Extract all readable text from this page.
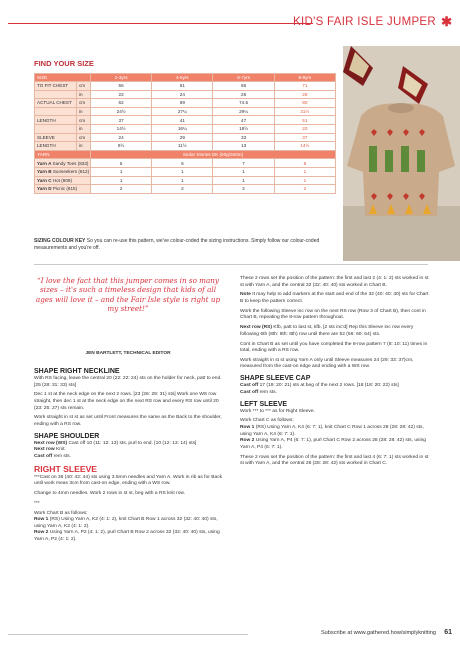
KID'S FAIR ISLE JUMPER ✱
FIND YOUR SIZE
SIZE		2-3yrs	4-5yrs	6-7yrs	8-9yrs
TO FIT CHEST	cm	56	61	66	71
	in	22	24	26	28
ACTUAL CHEST	cm	62	69	74.5	80
	in	24½	27¼	29¼	31½
LENGTH	cm	37	41	47	51
	in	14½	16¼	18½	20
SLEEVE	cm	24	29	33	37
LENGTH	in	9½	11½	13	14½
YARN		Sirdar Stories DK (50g/340m)			
Yarn A Sandy Toes (833)		5	6	7	8
Yarn B Sunseekers (812)		1	1	1	1
Yarn C Hot (809)		1	1	1	1
Yarn D Picnic (815)		2	2	2	2
SIZING COLOUR KEY So you can re-use this pattern, we've colour-coded the sizing instructions. Simply follow our colour-coded measurements and you're off.
“I love the fact that this jumper comes in so many sizes – it's such a timeless design that kids of all ages will love it – and the Fair Isle style is right up my street!”
JEN BARTLETT, TECHNICAL EDITOR
SHAPE RIGHT NECKLINE

With RS facing, leave the central 20 (22: 22: 24) sts on the holder for neck, patt to end. [25 (28: 31: 33) sts]

Dec 1 st at the neck edge on the next 2 rows. [23 (26: 29: 31) sts] Work one WS row straight, then dec 1 st at the neck edge on the next RS row and every RS row until 20 (23: 25: 27) sts remain.

Work straight in st st as set until Front measures the same as the Back to the shoulder, ending with a RS row.

SHAPE SHOULDER

Next row (WS) Cast off 10 (11: 12: 13) sts, purl to end. [10 (12: 13: 14) sts]
Next row Knit.
Cast off rem sts.

RIGHT SLEEVE

***Cast on 36 (40: 42: 44) sts using 3.5mm needles and Yarn A. Work in rib as for Back until work meas 3cm from cast-on edge, ending with a WS row.

Change to 4mm needles. Work 2 rows in st st, beg with a RS knit row.

***

Work Chart B as follows:
Row 1 (RS) Using Yarn A, K2 (4: 1: 2), knit Chart B Row 1 across 32 (32: 40: 40) sts, using Yarn A, K2 (4: 1: 2).
Row 2 Using Yarn A, P2 (4: 1: 2), purl Chart B Row 2 across 32 (32: 40: 40) sts, using Yarn A, P2 (4: 1: 2).

These 2 rows set the position of the pattern: the first and last 2 (4: 1: 2) sts worked in st st with Yarn A, and the central 32 (32: 40: 40) sts worked in Chart B.

Note It may help to add markers at the start and end of the 32 (40: 40: 40) sts for Chart B to keep the pattern correct.

Work the following Sleeve inc row on the next RS row (Row 3 of Chart B), then cont in Chart B, repeating the 8-row pattern throughout.

Next row (RS) Kfb, patt to last st, kfb. [2 sts inc'd] Rep this Sleeve inc row every following 6th (8th: 8th: 8th) row until there are 52 (56: 60: 64) sts.

Cont in Chart B as set until you have completed the 8-row pattern 7 (8: 10: 11) times in total, ending with a RS row.

Work straight in st st using Yarn A only until Sleeve measures 24 (29: 33: 37)cm, measured from the cast-on edge and ending with a WS row.

SHAPE SLEEVE CAP

Cast off 17 (19: 20: 21) sts at beg of the next 2 rows. [18 (18: 20: 22) sts]
Cast off rem sts.

LEFT SLEEVE

Work *** to *** as for Right Sleeve.

Work Chart C as follows:
Row 1 (RS) Using Yarn A, K4 (6: 7: 1), knit Chart C Row 1 across 28 (28: 28: 42) sts, using Yarn A, K4 (6: 7: 1).
Row 2 Using Yarn A, P4 (6: 7: 1), purl Chart C Row 2 across 28 (28: 28: 42) sts, using Yarn A, P4 (6: 7: 1).

These 2 rows set the position of the pattern: the first and last 4 (6: 7: 1) sts worked in st st with Yarn A, and the central 28 (28: 28: 42) sts worked in Chart C.

Subscribe at www.gathered.how/simplyknitting 61
